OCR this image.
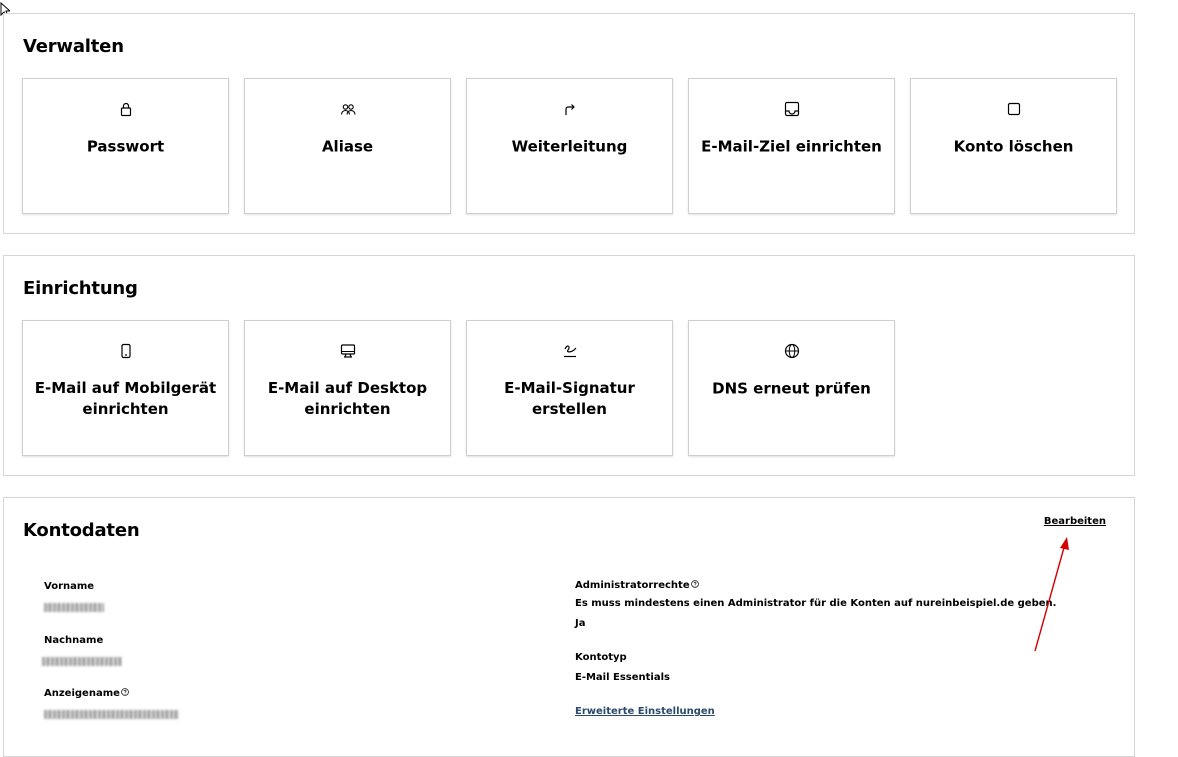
Verwalten
Passwort	Aliase	Weiterleitung	E-Mail-Ziel einrichten	Konto löschen
Einrichtung
E-Mail auf Mobilgerät einrichten
E-Mail auf Desktop einrichten
E-Mail-Signatur erstellen
DNS erneut prüfen
Kontodaten	Bearbeiten
Vorname
Nachname
Anzeigename
Administratorrechte
Es muss mindestens einen Administrator für die Konten auf nureinbeispiel.de geben.
Ja
Kontotyp
E-Mail Essentials
Erweiterte Einstellungen
